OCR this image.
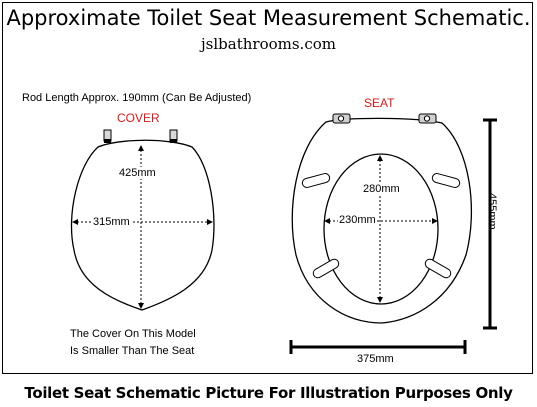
Approximate Toilet Seat Measurement Schematic.
jslbathrooms.com
Rod Length Approx. 190mm (Can Be Adjusted)
COVER
SEAT
425mm
315mm
280mm
230mm	455mm
375mm
The Cover On This Model
Is Smaller Than The Seat
Toilet Seat Schematic Picture For Illustration Purposes Only
